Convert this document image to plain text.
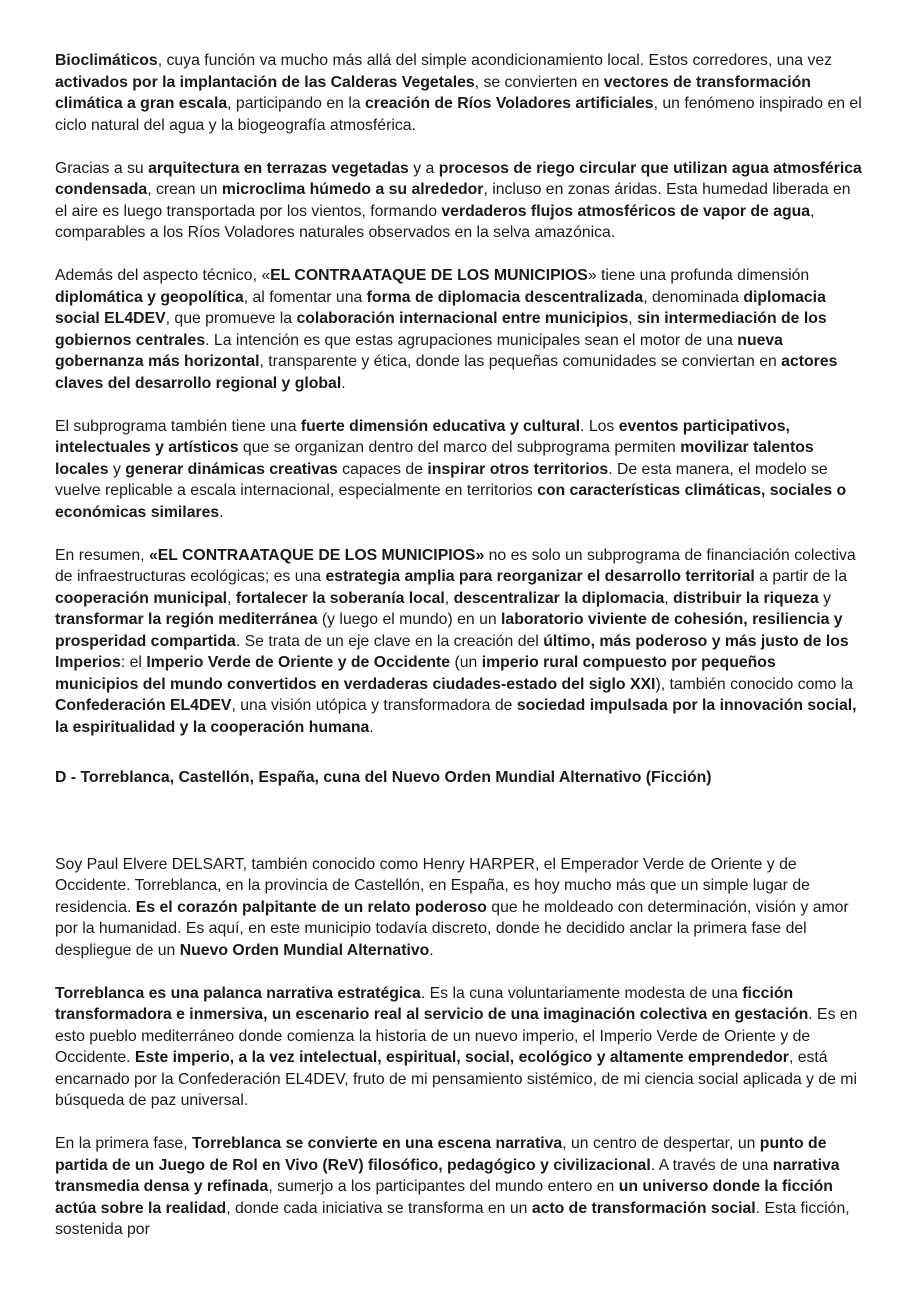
Bioclimáticos, cuya función va mucho más allá del simple acondicionamiento local. Estos corredores, una vez activados por la implantación de las Calderas Vegetales, se convierten en vectores de transformación climática a gran escala, participando en la creación de Ríos Voladores artificiales, un fenómeno inspirado en el ciclo natural del agua y la biogeografía atmosférica.

Gracias a su arquitectura en terrazas vegetadas y a procesos de riego circular que utilizan agua atmosférica condensada, crean un microclima húmedo a su alrededor, incluso en zonas áridas. Esta humedad liberada en el aire es luego transportada por los vientos, formando verdaderos flujos atmosféricos de vapor de agua, comparables a los Ríos Voladores naturales observados en la selva amazónica.

Además del aspecto técnico, «EL CONTRAATAQUE DE LOS MUNICIPIOS» tiene una profunda dimensión diplomática y geopolítica, al fomentar una forma de diplomacia descentralizada, denominada diplomacia social EL4DEV, que promueve la colaboración internacional entre municipios, sin intermediación de los gobiernos centrales. La intención es que estas agrupaciones municipales sean el motor de una nueva gobernanza más horizontal, transparente y ética, donde las pequeñas comunidades se conviertan en actores claves del desarrollo regional y global.

El subprograma también tiene una fuerte dimensión educativa y cultural. Los eventos participativos, intelectuales y artísticos que se organizan dentro del marco del subprograma permiten movilizar talentos locales y generar dinámicas creativas capaces de inspirar otros territorios. De esta manera, el modelo se vuelve replicable a escala internacional, especialmente en territorios con características climáticas, sociales o económicas similares.

En resumen, «EL CONTRAATAQUE DE LOS MUNICIPIOS» no es solo un subprograma de financiación colectiva de infraestructuras ecológicas; es una estrategia amplia para reorganizar el desarrollo territorial a partir de la cooperación municipal, fortalecer la soberanía local, descentralizar la diplomacia, distribuir la riqueza y transformar la región mediterránea (y luego el mundo) en un laboratorio viviente de cohesión, resiliencia y prosperidad compartida. Se trata de un eje clave en la creación del último, más poderoso y más justo de los Imperios: el Imperio Verde de Oriente y de Occidente (un imperio rural compuesto por pequeños municipios del mundo convertidos en verdaderas ciudades-estado del siglo XXI), también conocido como la Confederación EL4DEV, una visión utópica y transformadora de sociedad impulsada por la innovación social, la espiritualidad y la cooperación humana.

D - Torreblanca, Castellón, España, cuna del Nuevo Orden Mundial Alternativo (Ficción)

Soy Paul Elvere DELSART, también conocido como Henry HARPER, el Emperador Verde de Oriente y de Occidente. Torreblanca, en la provincia de Castellón, en España, es hoy mucho más que un simple lugar de residencia. Es el corazón palpitante de un relato poderoso que he moldeado con determinación, visión y amor por la humanidad. Es aquí, en este municipio todavía discreto, donde he decidido anclar la primera fase del despliegue de un Nuevo Orden Mundial Alternativo.

Torreblanca es una palanca narrativa estratégica. Es la cuna voluntariamente modesta de una ficción transformadora e inmersiva, un escenario real al servicio de una imaginación colectiva en gestación. Es en esto pueblo mediterráneo donde comienza la historia de un nuevo imperio, el Imperio Verde de Oriente y de Occidente. Este imperio, a la vez intelectual, espiritual, social, ecológico y altamente emprendedor, está encarnado por la Confederación EL4DEV, fruto de mi pensamiento sistémico, de mi ciencia social aplicada y de mi búsqueda de paz universal.

En la primera fase, Torreblanca se convierte en una escena narrativa, un centro de despertar, un punto de partida de un Juego de Rol en Vivo (ReV) filosófico, pedagógico y civilizacional. A través de una narrativa transmedia densa y refinada, sumerjo a los participantes del mundo entero en un universo donde la ficción actúa sobre la realidad, donde cada iniciativa se transforma en un acto de transformación social. Esta ficción, sostenida por
